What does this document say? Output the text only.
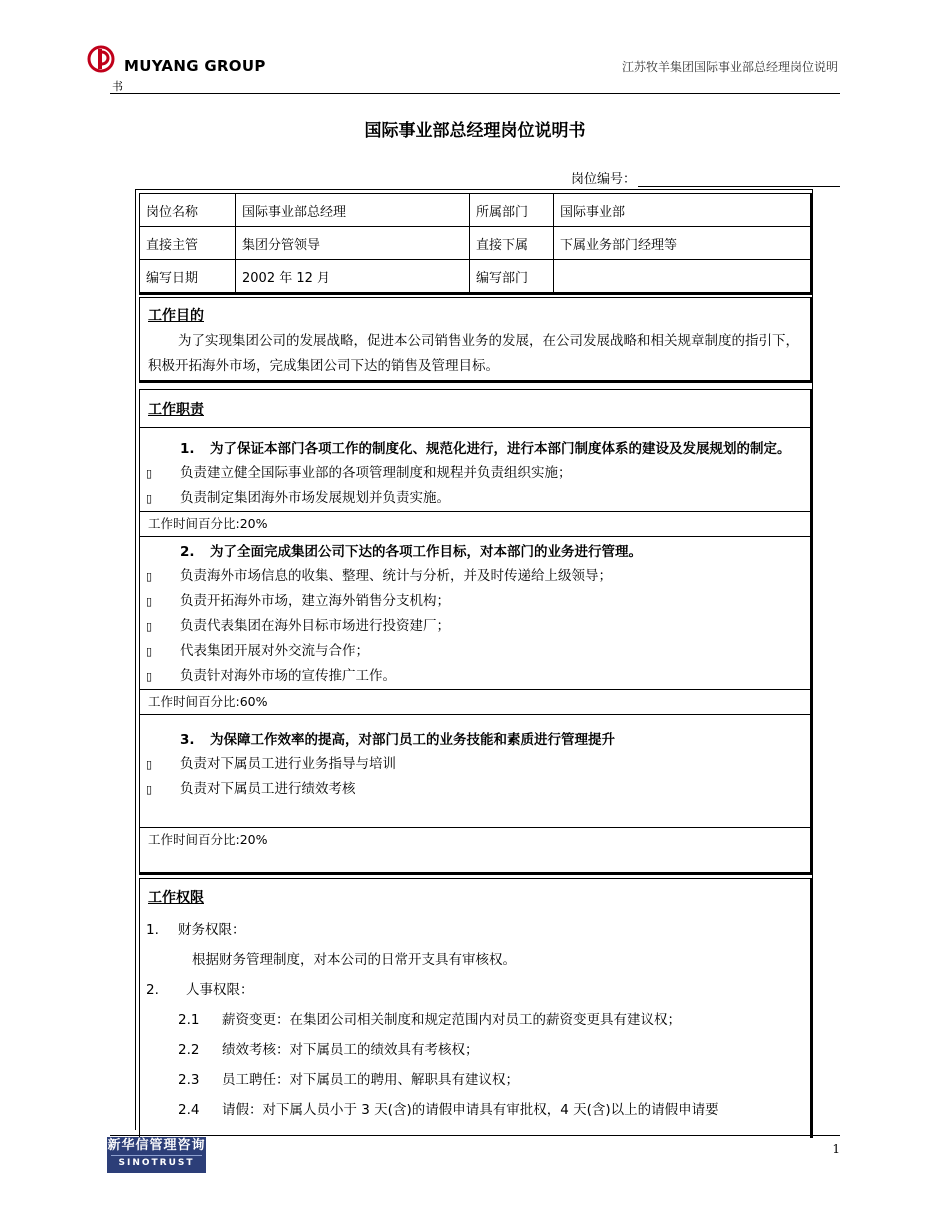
MUYANG GROUP
书
江苏牧羊集团国际事业部总经理岗位说明
国际事业部总经理岗位说明书
岗位编号：
岗位名称	国际事业部总经理	所属部门	国际事业部
直接主管	集团分管领导	直接下属	下属业务部门经理等
编写日期	2002 年 12 月	编写部门	
工作目的
为了实现集团公司的发展战略，促进本公司销售业务的发展，在公司发展战略和相关规章制度的指引下，积极开拓海外市场，完成集团公司下达的销售及管理目标。
工作职责
1.	为了保证本部门各项工作的制度化、规范化进行，进行本部门制度体系的建设及发展规划的制定。
▯	负责建立健全国际事业部的各项管理制度和规程并负责组织实施；
▯	负责制定集团海外市场发展规划并负责实施。
工作时间百分比:20%
2.	为了全面完成集团公司下达的各项工作目标，对本部门的业务进行管理。
▯	负责海外市场信息的收集、整理、统计与分析，并及时传递给上级领导；
▯	负责开拓海外市场，建立海外销售分支机构；
▯	负责代表集团在海外目标市场进行投资建厂；
▯	代表集团开展对外交流与合作；
▯	负责针对海外市场的宣传推广工作。
工作时间百分比:60%
3.	为保障工作效率的提高，对部门员工的业务技能和素质进行管理提升
▯	负责对下属员工进行业务指导与培训
▯	负责对下属员工进行绩效考核
工作时间百分比:20%
工作权限
1.	财务权限：
根据财务管理制度，对本公司的日常开支具有审核权。
2.	人事权限：
2.1	薪资变更：在集团公司相关制度和规定范围内对员工的薪资变更具有建议权；
2.2	绩效考核：对下属员工的绩效具有考核权；
2.3	员工聘任：对下属员工的聘用、解职具有建议权；
2.4	请假：对下属人员小于 3 天(含)的请假申请具有审批权，4 天(含)以上的请假申请要
新华信管理咨询
SINOTRUST
1
